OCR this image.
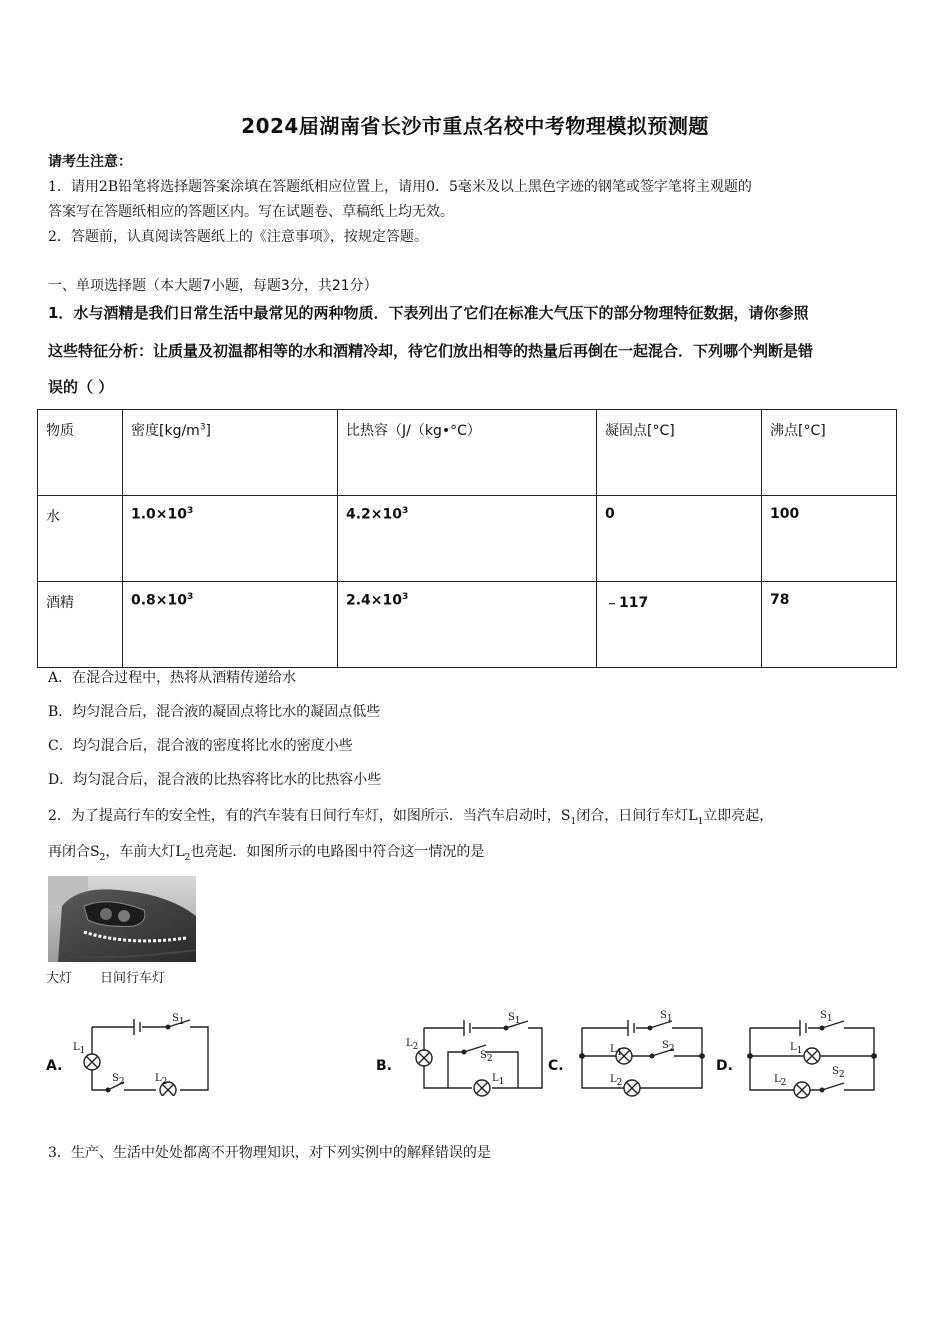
2024届湖南省长沙市重点名校中考物理模拟预测题
请考生注意：
1．请用2B铅笔将选择题答案涂填在答题纸相应位置上，请用0．5毫米及以上黑色字迹的钢笔或签字笔将主观题的
答案写在答题纸相应的答题区内。写在试题卷、草稿纸上均无效。
2．答题前，认真阅读答题纸上的《注意事项》，按规定答题。
一、单项选择题（本大题7小题，每题3分，共21分）
1．水与酒精是我们日常生活中最常见的两种物质．下表列出了它们在标准大气压下的部分物理特征数据，请你参照
这些特征分析：让质量及初温都相等的水和酒精冷却，待它们放出相等的热量后再倒在一起混合．下列哪个判断是错
误的（ ）
物质	密度$[kg/m^3]$	比热容（J/（kg•°C）	凝固点[°C]	沸点[°C]
水	$1.0\times 10^3$	$4.2\times 10^3$	0	100
酒精	$0.8\times 10^3$	$2.4\times 10^3$	﹣117	78
A．在混合过程中，热将从酒精传递给水
B．均匀混合后，混合液的凝固点将比水的凝固点低些
C．均匀混合后，混合液的密度将比水的密度小些
D．均匀混合后，混合液的比热容将比水的比热容小些
2．为了提高行车的安全性，有的汽车装有日间行车灯，如图所示．当汽车启动时，$S_1$闭合，日间行车灯$L_1$立即亮起，
再闭合$S_2$，车前大灯$L_2$也亮起．如图所示的电路图中符合这一情况的是
大灯 日间行车灯
A.
$S_1$
$L_1$
$S_2$	$L_2$
B.
$S_1$
$L_2$
$S_2$
$L_1$
C.
$S_1$
$L_1$
$S_2$
$L_2$
D.
$S_1$
$L_1$
$L_2$
$S_2$
3．生产、生活中处处都离不开物理知识，对下列实例中的解释错误的是
